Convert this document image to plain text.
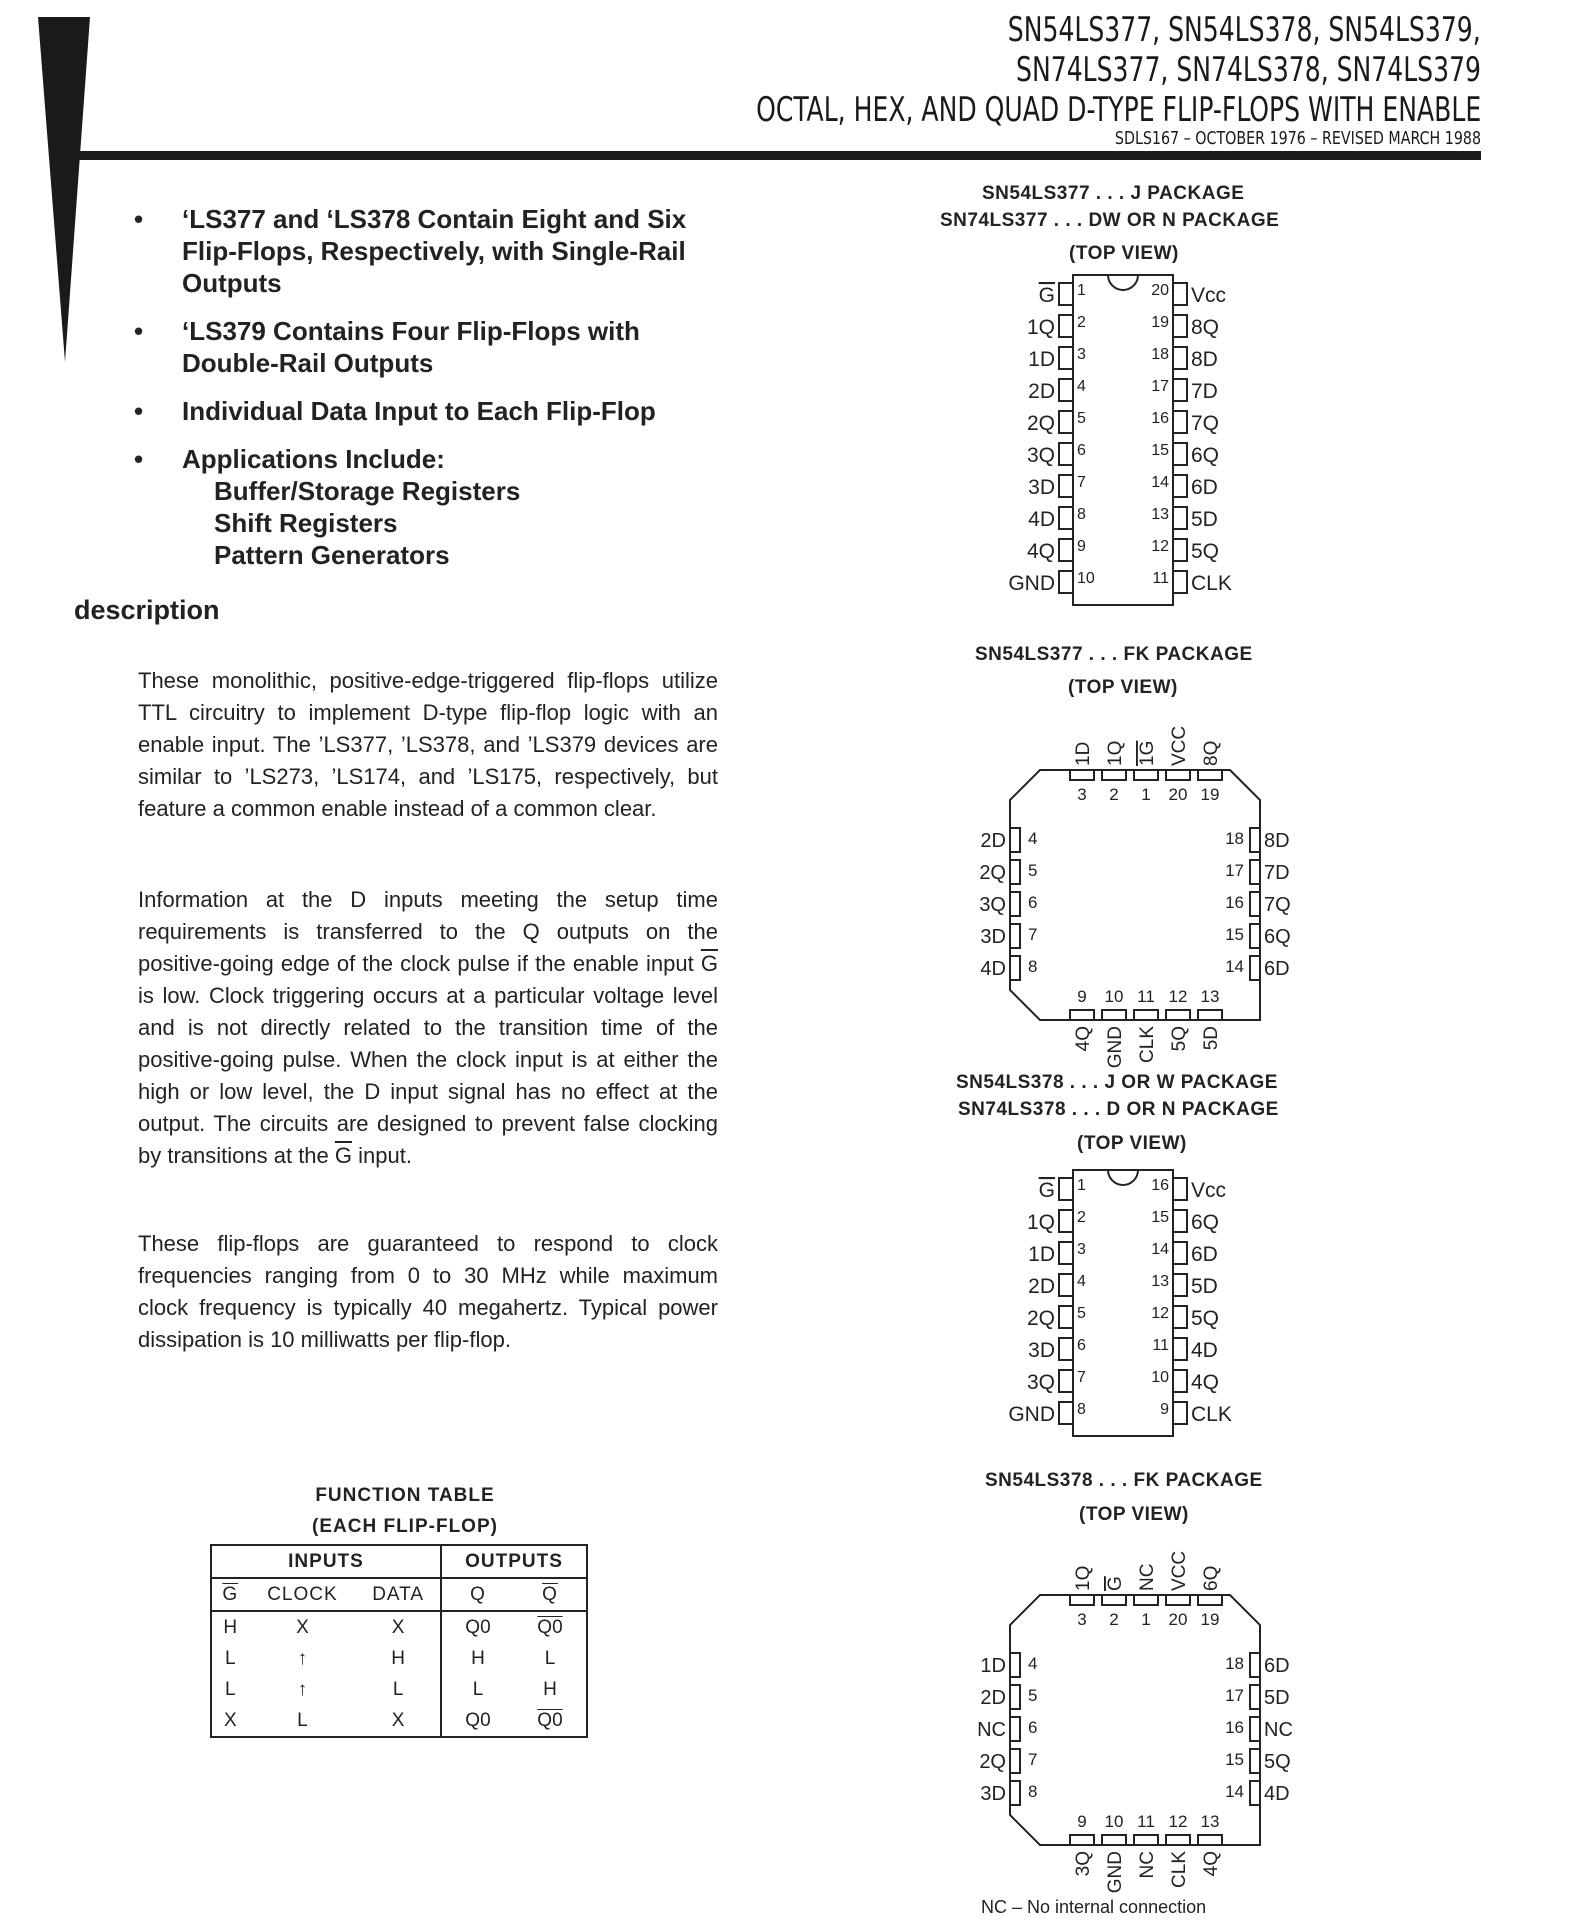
SN54LS377, SN54LS378, SN54LS379,
SN74LS377, SN74LS378, SN74LS379
OCTAL, HEX, AND QUAD D-TYPE FLIP-FLOPS WITH ENABLE
SDLS167 – OCTOBER 1976 – REVISED MARCH 1988
• ‘LS377 and ‘LS378 Contain Eight and Six Flip-Flops, Respectively, with Single-Rail Outputs
• ‘LS379 Contains Four Flip-Flops with Double-Rail Outputs
• Individual Data Input to Each Flip-Flop
• Applications Include:
Buffer/Storage Registers
Shift Registers
Pattern Generators
description
These monolithic, positive-edge-triggered flip-flops utilize TTL circuitry to implement D-type flip-flop logic with an enable input. The ’LS377, ’LS378, and ’LS379 devices are similar to ’LS273, ’LS174, and ’LS175, respectively, but feature a common enable instead of a common clear.
Information at the D inputs meeting the setup time requirements is transferred to the Q outputs on the positive-going edge of the clock pulse if the enable input $\overline{G}$ is low. Clock triggering occurs at a particular voltage level and is not directly related to the transition time of the positive-going pulse. When the clock input is at either the high or low level, the D input signal has no effect at the output. The circuits are designed to prevent false clocking by transitions at the $\overline{G}$ input.
These flip-flops are guaranteed to respond to clock frequencies ranging from 0 to 30 MHz while maximum clock frequency is typically 40 megahertz. Typical power dissipation is 10 milliwatts per flip-flop.
FUNCTION TABLE
(EACH FLIP-FLOP)
INPUTS			OUTPUTS	
$\overline{G}$	CLOCK	DATA	Q	$\overline{Q}$
H	X	X	Q0	Q0
L	↑	H	H	L
L	↑	L	L	H
X	L	X	Q0	Q0
SN54LS377 . . . J PACKAGE
SN74LS377 . . . DW OR N PACKAGE
(TOP VIEW)
SN54LS377 . . . FK PACKAGE
(TOP VIEW)
SN54LS378 . . . J OR W PACKAGE
SN74LS378 . . . D OR N PACKAGE
(TOP VIEW)
SN54LS378 . . . FK PACKAGE
(TOP VIEW)
G 1
1Q 2
1D 3
2D 4
2Q 5
3Q 6
3D 7
4D 8
4Q 9
GND 10
Vcc
20
8Q
19
8D
18
7D
17
7Q
16
6Q
15
6D
14
5D
13
5Q
12
CLK
11
3
1D
2
1Q
1
1G
20
VCC
19
8Q
9
4Q
10
GND
11
CLK
12
5Q
13
5D
2D 4
2Q 5
3Q 6
3D 7
4D 8
8D
18
7D
17
7Q
16
6Q
15
6D
14
G 1
1Q 2
1D 3
2D 4
2Q 5
3D 6
3Q 7
GND 8
Vcc
16
6Q
15
6D
14
5D
13
5Q
12
4D
11
4Q
10
CLK
9
3
1Q
2
G
1
NC
20
VCC
19
6Q
9
3Q
10
GND
11
NC
12
CLK
13
4Q
1D 4
2D 5
NC 6
2Q 7
3D 8
6D
18
5D
17
NC
16
5Q
15
4D
14
NC – No internal connection
